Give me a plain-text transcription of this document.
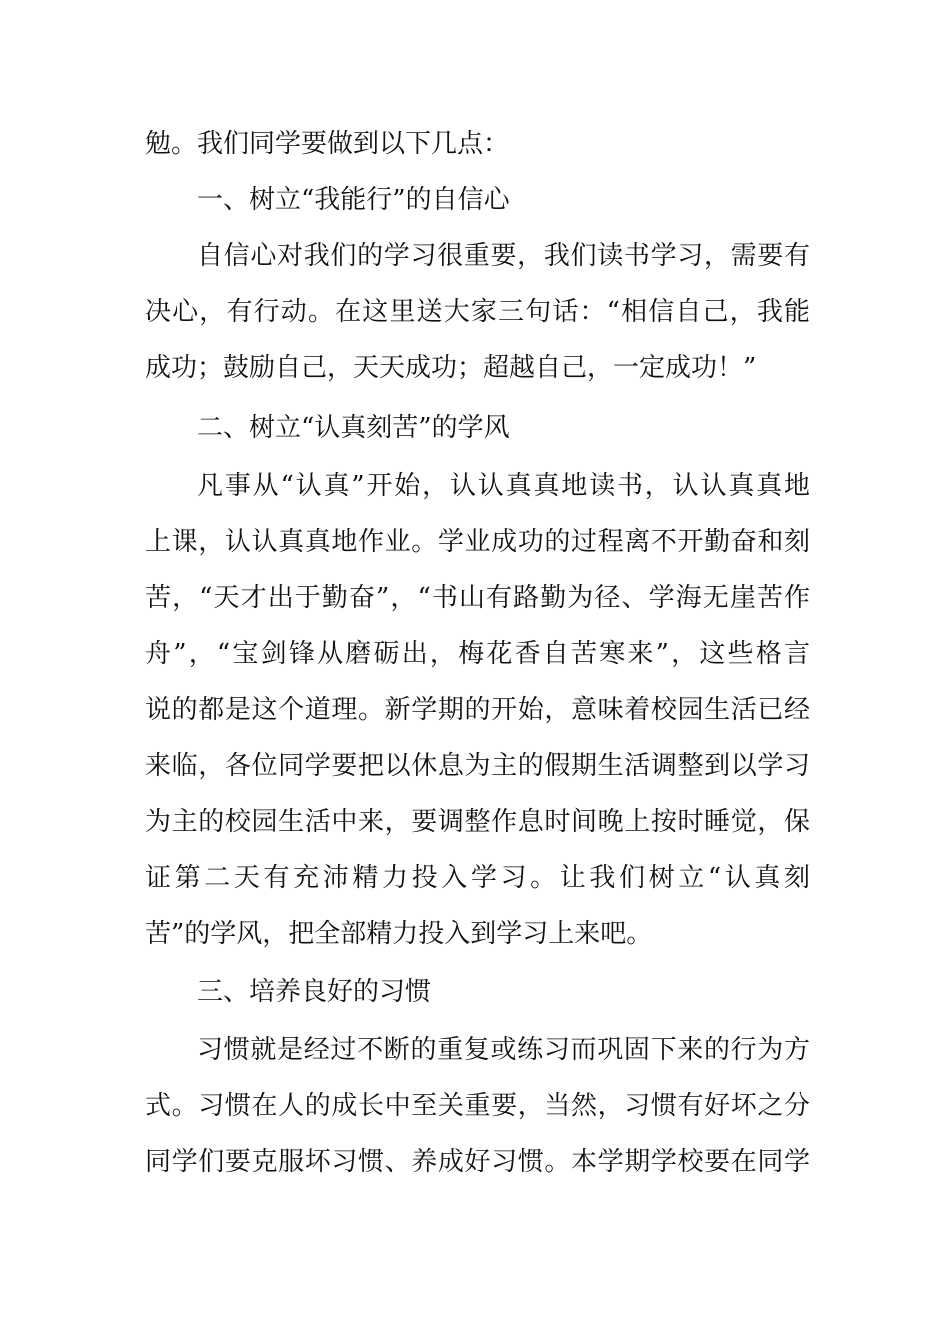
勉。我们同学要做到以下几点：
一、树立“我能行”的自信心
自信心对我们的学习很重要，我们读书学习，需要有
决心，有行动。在这里送大家三句话：“相信自己，我能
成功；鼓励自己，天天成功；超越自己，一定成功！”
二、树立“认真刻苦”的学风
凡事从“认真”开始，认认真真地读书，认认真真地
上课，认认真真地作业。学业成功的过程离不开勤奋和刻
苦，“天才出于勤奋”，“书山有路勤为径、学海无崖苦作
舟”，“宝剑锋从磨砺出，梅花香自苦寒来”，这些格言
说的都是这个道理。新学期的开始，意味着校园生活已经
来临，各位同学要把以休息为主的假期生活调整到以学习
为主的校园生活中来，要调整作息时间晚上按时睡觉，保
证第二天有充沛精力投入学习。让我们树立“认真刻
苦”的学风，把全部精力投入到学习上来吧。
三、培养良好的习惯
习惯就是经过不断的重复或练习而巩固下来的行为方
式。习惯在人的成长中至关重要，当然，习惯有好坏之分
同学们要克服坏习惯、养成好习惯。本学期学校要在同学
